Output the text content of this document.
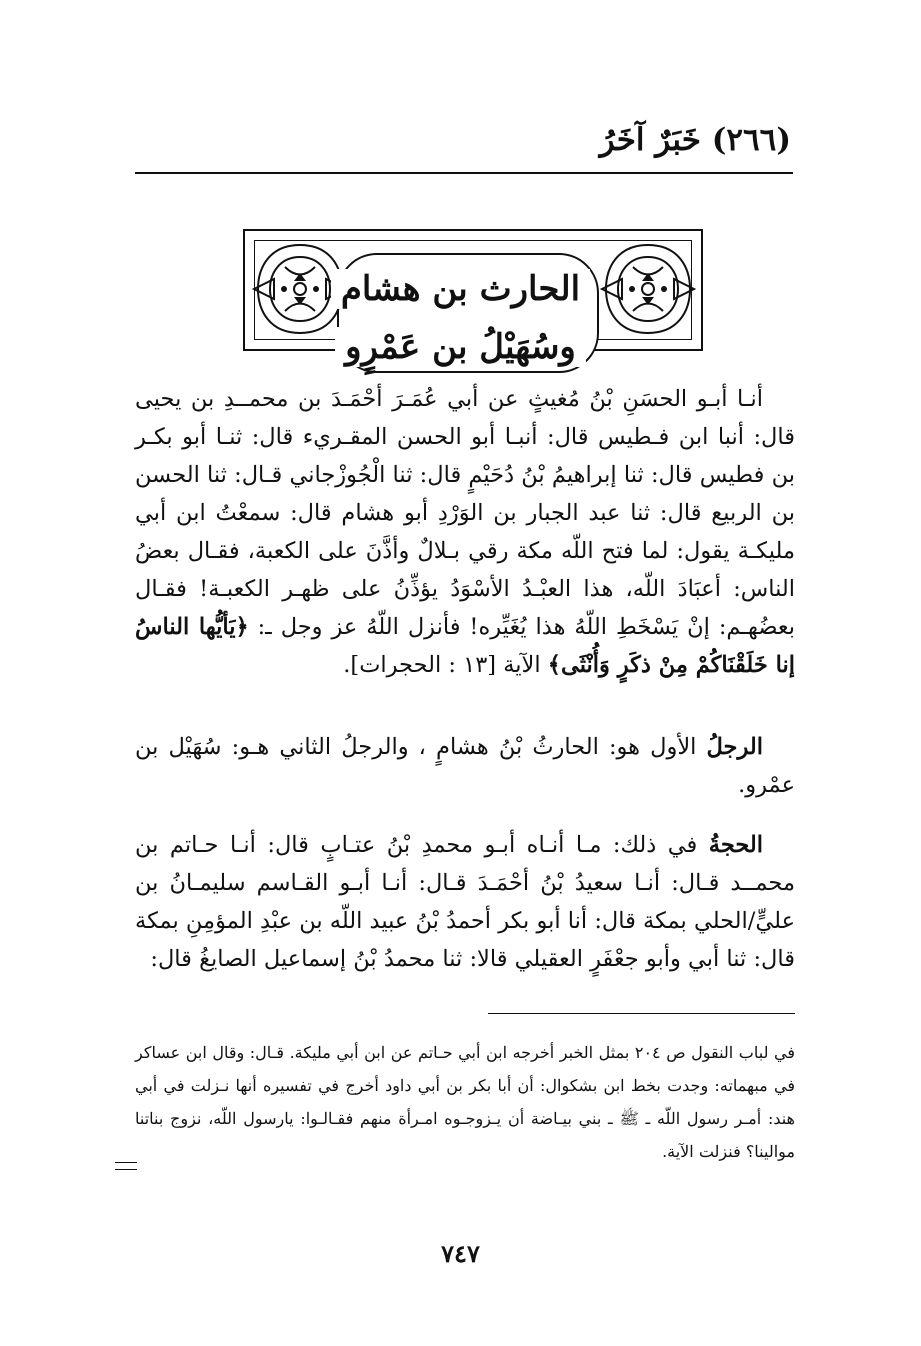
(٢٦٦) خَبَرٌ آخَرُ
الحارث بن هشام
وسُهَيْلُ بن عَمْرٍو

أنـا أبـو الحسَنِ بْنُ مُغيثٍ عن أبي عُمَـرَ أحْمَـدَ بن محمــدِ بن يحيى قال: أنبا ابن فـطيس قال: أنبـا أبو الحسن المقـريء قال: ثنـا أبو بكـر بن فطيس قال: ثنا إبراهيمُ بْنُ دُحَيْمٍ قال: ثنا الْجُوزْجاني قـال: ثنا الحسن بن الربيع قال: ثنا عبد الجبار بن الوَرْدِ أبو هشام قال: سمعْتُ ابن أبي مليكـة يقول: لما فتح اللّه مكة رقي بـلالٌ وأذَّنَ على الكعبة، فقـال بعضُ الناس: أعبَادَ اللّه، هذا العبْـدُ الأسْوَدُ يؤذِّنُ على ظهـر الكعبـة! فقـال بعضُهـم: إنْ يَسْخَطِ اللّهُ هذا يُغَيِّره! فأنزل اللّهُ عز وجل ـ: ﴿يَأيُّها الناسُ إنا خَلَقْنَاكُمْ مِنْ ذكَرٍ وَأُنْثَى﴾ الآية [١٣ : الحجرات].

الرجلُ الأول هو: الحارثُ بْنُ هشامٍ ، والرجلُ الثاني هـو: سُهَيْل بن عمْرو.

الحجةُ في ذلك: مـا أنـاه أبـو محمدِ بْنُ عتـابٍ قال: أنـا حـاتم بن محمــد قـال: أنـا سعيدُ بْنُ أحْمَـدَ قـال: أنـا أبـو القـاسم سليمـانُ بن عليٍّ/الحلي بمكة قال: أنا أبو بكر أحمدُ بْنُ عبيد اللّه بن عبْدِ المؤمِنِ بمكة قال: ثنا أبي وأبو جعْفَرٍ العقيلي قالا: ثنا محمدُ بْنُ إسماعيل الصايغُ قال:

في لباب النقول ص ٢٠٤ بمثل الخبر أخرجه ابن أبي حـاتم عن ابن أبي مليكة. قـال: وقال ابن عساكر في مبهماته: وجدت بخط ابن بشكوال: أن أبا بكر بن أبي داود أخرج في تفسيره أنها نـزلت في أبي هند: أمـر رسول اللّه ـ ﷺ ـ بني بيـاضة أن يـزوجـوه امـرأة منهم فقـالـوا: يارسول اللّه، نزوج بناتنا موالينا؟ فنزلت الآية.

٧٤٧
